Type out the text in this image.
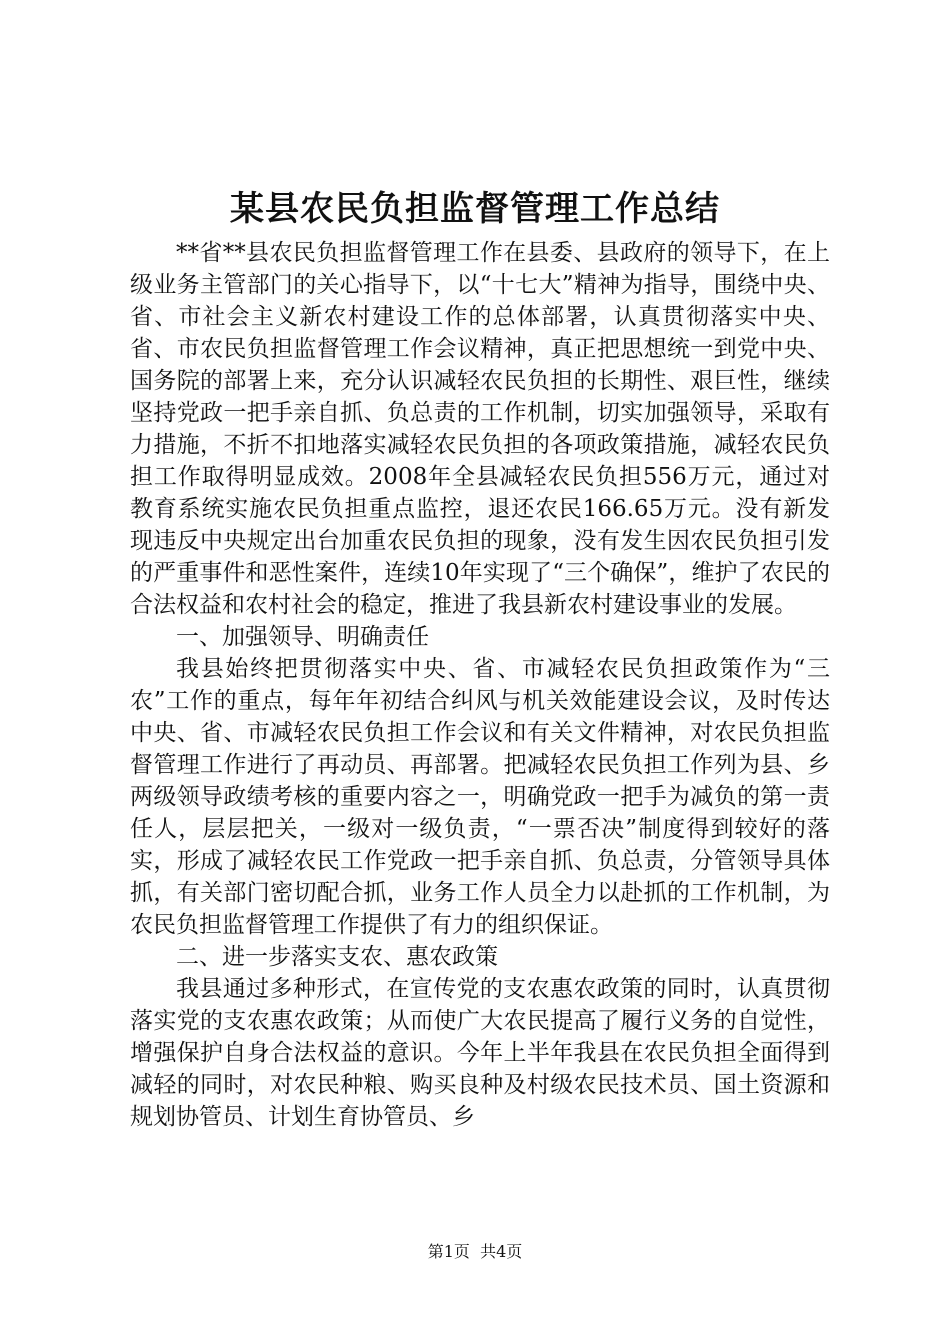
某县农民负担监督管理工作总结

**省**县农民负担监督管理工作在县委、县政府的领导下，在上级业务主管部门的关心指导下，以“十七大”精神为指导，围绕中央、省、市社会主义新农村建设工作的总体部署，认真贯彻落实中央、省、市农民负担监督管理工作会议精神，真正把思想统一到党中央、国务院的部署上来，充分认识减轻农民负担的长期性、艰巨性，继续坚持党政一把手亲自抓、负总责的工作机制，切实加强领导，采取有力措施，不折不扣地落实减轻农民负担的各项政策措施，减轻农民负担工作取得明显成效。2008年全县减轻农民负担556万元，通过对教育系统实施农民负担重点监控，退还农民166.65万元。没有新发现违反中央规定出台加重农民负担的现象，没有发生因农民负担引发的严重事件和恶性案件，连续10年实现了“三个确保”，维护了农民的合法权益和农村社会的稳定，推进了我县新农村建设事业的发展。

一、加强领导、明确责任

我县始终把贯彻落实中央、省、市减轻农民负担政策作为“三农”工作的重点，每年年初结合纠风与机关效能建设会议，及时传达中央、省、市减轻农民负担工作会议和有关文件精神，对农民负担监督管理工作进行了再动员、再部署。把减轻农民负担工作列为县、乡两级领导政绩考核的重要内容之一，明确党政一把手为减负的第一责任人，层层把关，一级对一级负责，“一票否决”制度得到较好的落实，形成了减轻农民工作党政一把手亲自抓、负总责，分管领导具体抓，有关部门密切配合抓，业务工作人员全力以赴抓的工作机制，为农民负担监督管理工作提供了有力的组织保证。

二、进一步落实支农、惠农政策

我县通过多种形式，在宣传党的支农惠农政策的同时，认真贯彻落实党的支农惠农政策；从而使广大农民提高了履行义务的自觉性，增强保护自身合法权益的意识。今年上半年我县在农民负担全面得到减轻的同时，对农民种粮、购买良种及村级农民技术员、国土资源和规划协管员、计划生育协管员、乡

第1页  共4页
